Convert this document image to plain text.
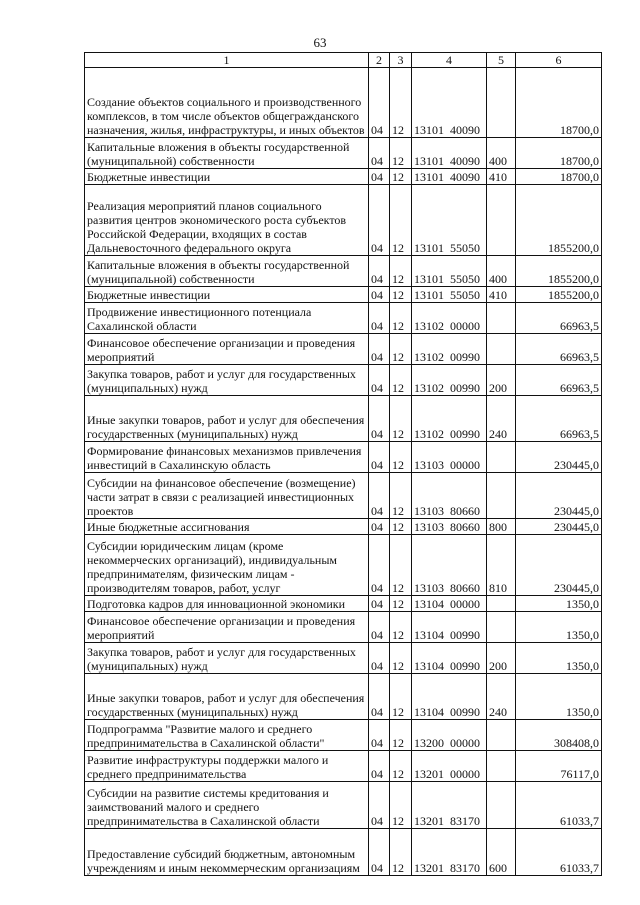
63
1	2	3	4	5	6
Создание объектов социального и производственного комплексов, в том числе объектов общегражданского назначения, жилья, инфраструктуры, и иных объектов	04	12	13101  40090		18700,0
Капитальные вложения в объекты государственной (муниципальной) собственности	04	12	13101  40090	400	18700,0
Бюджетные инвестиции	04	12	13101  40090	410	18700,0
Реализация мероприятий планов социального развития центров экономического роста субъектов Российской Федерации, входящих в состав Дальневосточного федерального округа	04	12	13101  55050		1855200,0
Капитальные вложения в объекты государственной (муниципальной) собственности	04	12	13101  55050	400	1855200,0
Бюджетные инвестиции	04	12	13101  55050	410	1855200,0
Продвижение инвестиционного потенциала Сахалинской области	04	12	13102  00000		66963,5
Финансовое обеспечение организации и проведения мероприятий	04	12	13102  00990		66963,5
Закупка товаров, работ и услуг для государственных (муниципальных) нужд	04	12	13102  00990	200	66963,5
Иные закупки товаров, работ и услуг для обеспечения государственных (муниципальных) нужд	04	12	13102  00990	240	66963,5
Формирование финансовых механизмов привлечения инвестиций в Сахалинскую область	04	12	13103  00000		230445,0
Субсидии на финансовое обеспечение (возмещение) части затрат в связи с реализацией инвестиционных проектов	04	12	13103  80660		230445,0
Иные бюджетные ассигнования	04	12	13103  80660	800	230445,0
Субсидии юридическим лицам (кроме некоммерческих организаций), индивидуальным предпринимателям, физическим лицам - производителям товаров, работ, услуг	04	12	13103  80660	810	230445,0
Подготовка кадров для инновационной экономики	04	12	13104  00000		1350,0
Финансовое обеспечение организации и проведения мероприятий	04	12	13104  00990		1350,0
Закупка товаров, работ и услуг для государственных (муниципальных) нужд	04	12	13104  00990	200	1350,0
Иные закупки товаров, работ и услуг для обеспечения государственных (муниципальных) нужд	04	12	13104  00990	240	1350,0
Подпрограмма "Развитие малого и среднего предпринимательства в Сахалинской области"	04	12	13200  00000		308408,0
Развитие инфраструктуры поддержки малого и среднего предпринимательства	04	12	13201  00000		76117,0
Субсидии на развитие системы кредитования и заимствований малого и среднего предпринимательства в Сахалинской области	04	12	13201  83170		61033,7
Предоставление субсидий бюджетным, автономным учреждениям и иным некоммерческим организациям	04	12	13201  83170	600	61033,7
